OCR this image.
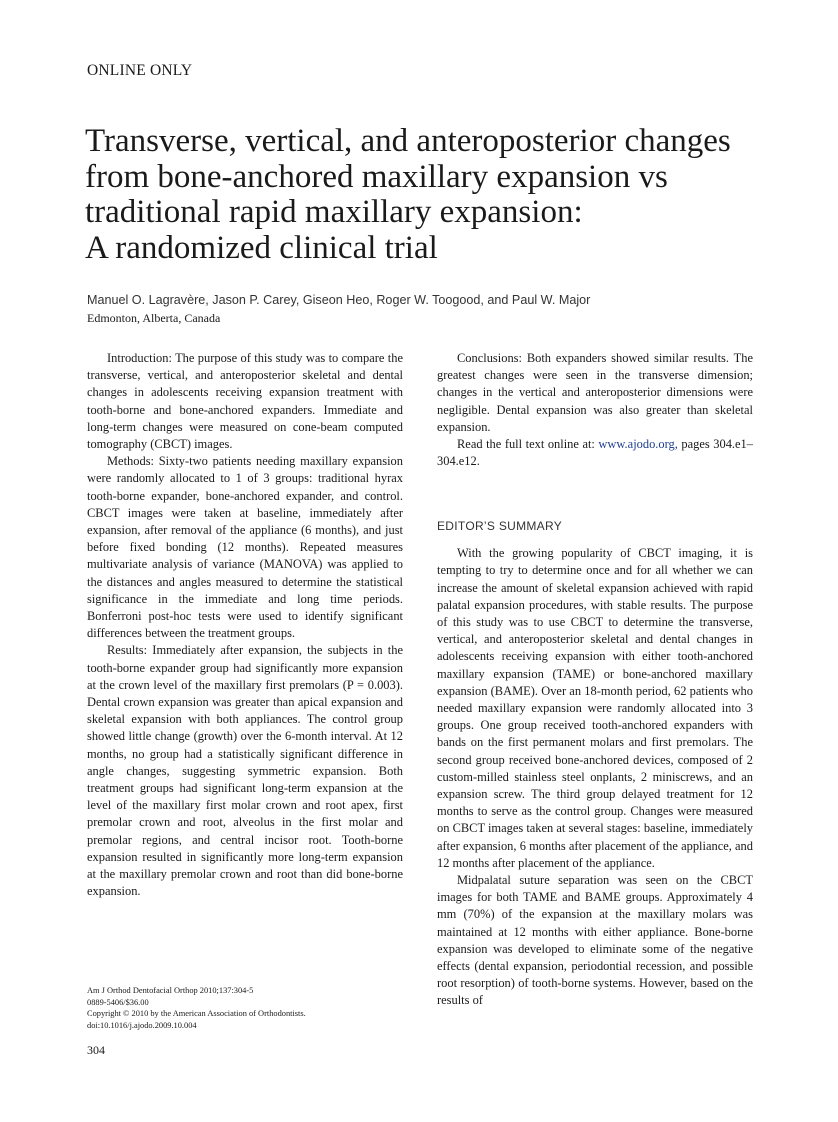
ONLINE ONLY
Transverse, vertical, and anteroposterior changes
from bone-anchored maxillary expansion vs
traditional rapid maxillary expansion:
A randomized clinical trial
Manuel O. Lagravère, Jason P. Carey, Giseon Heo, Roger W. Toogood, and Paul W. Major
Edmonton, Alberta, Canada

Introduction: The purpose of this study was to compare the transverse, vertical, and anteroposterior skeletal and dental changes in adolescents receiving expansion treatment with tooth-borne and bone-anchored expanders. Immediate and long-term changes were measured on cone-beam computed tomography (CBCT) images.

Methods: Sixty-two patients needing maxillary expansion were randomly allocated to 1 of 3 groups: traditional hyrax tooth-borne expander, bone-anchored expander, and control. CBCT images were taken at baseline, immediately after expansion, after removal of the appliance (6 months), and just before fixed bonding (12 months). Repeated measures multivariate analysis of variance (MANOVA) was applied to the distances and angles measured to determine the statistical significance in the immediate and long time periods. Bonferroni post-hoc tests were used to identify significant differences between the treatment groups.

Results: Immediately after expansion, the subjects in the tooth-borne expander group had significantly more expansion at the crown level of the maxillary first premolars (P = 0.003). Dental crown expansion was greater than apical expansion and skeletal expansion with both appliances. The control group showed little change (growth) over the 6-month interval. At 12 months, no group had a statistically significant difference in angle changes, suggesting symmetric expansion. Both treatment groups had significant long-term expansion at the level of the maxillary first molar crown and root apex, first premolar crown and root, alveolus in the first molar and premolar regions, and central incisor root. Tooth-borne expansion resulted in significantly more long-term expansion at the maxillary premolar crown and root than did bone-borne expansion.

Conclusions: Both expanders showed similar results. The greatest changes were seen in the transverse dimension; changes in the vertical and anteroposterior dimensions were negligible. Dental expansion was also greater than skeletal expansion.

Read the full text online at: www.ajodo.org, pages 304.e1–304.e12.

EDITOR’S SUMMARY

With the growing popularity of CBCT imaging, it is tempting to try to determine once and for all whether we can increase the amount of skeletal expansion achieved with rapid palatal expansion procedures, with stable results. The purpose of this study was to use CBCT to determine the transverse, vertical, and anteroposterior skeletal and dental changes in adolescents receiving expansion with either tooth-anchored maxillary expansion (TAME) or bone-anchored maxillary expansion (BAME). Over an 18-month period, 62 patients who needed maxillary expansion were randomly allocated into 3 groups. One group received tooth-anchored expanders with bands on the first permanent molars and first premolars. The second group received bone-anchored devices, composed of 2 custom-milled stainless steel onplants, 2 miniscrews, and an expansion screw. The third group delayed treatment for 12 months to serve as the control group. Changes were measured on CBCT images taken at several stages: baseline, immediately after expansion, 6 months after placement of the appliance, and 12 months after placement of the appliance.

Midpalatal suture separation was seen on the CBCT images for both TAME and BAME groups. Approximately 4 mm (70%) of the expansion at the maxillary molars was maintained at 12 months with either appliance. Bone-borne expansion was developed to eliminate some of the negative effects (dental expansion, periodontial recession, and possible root resorption) of tooth-borne systems. However, based on the results of

Am J Orthod Dentofacial Orthop 2010;137:304-5
0889-5406/$36.00
Copyright © 2010 by the American Association of Orthodontists.
doi:10.1016/j.ajodo.2009.10.004
304
